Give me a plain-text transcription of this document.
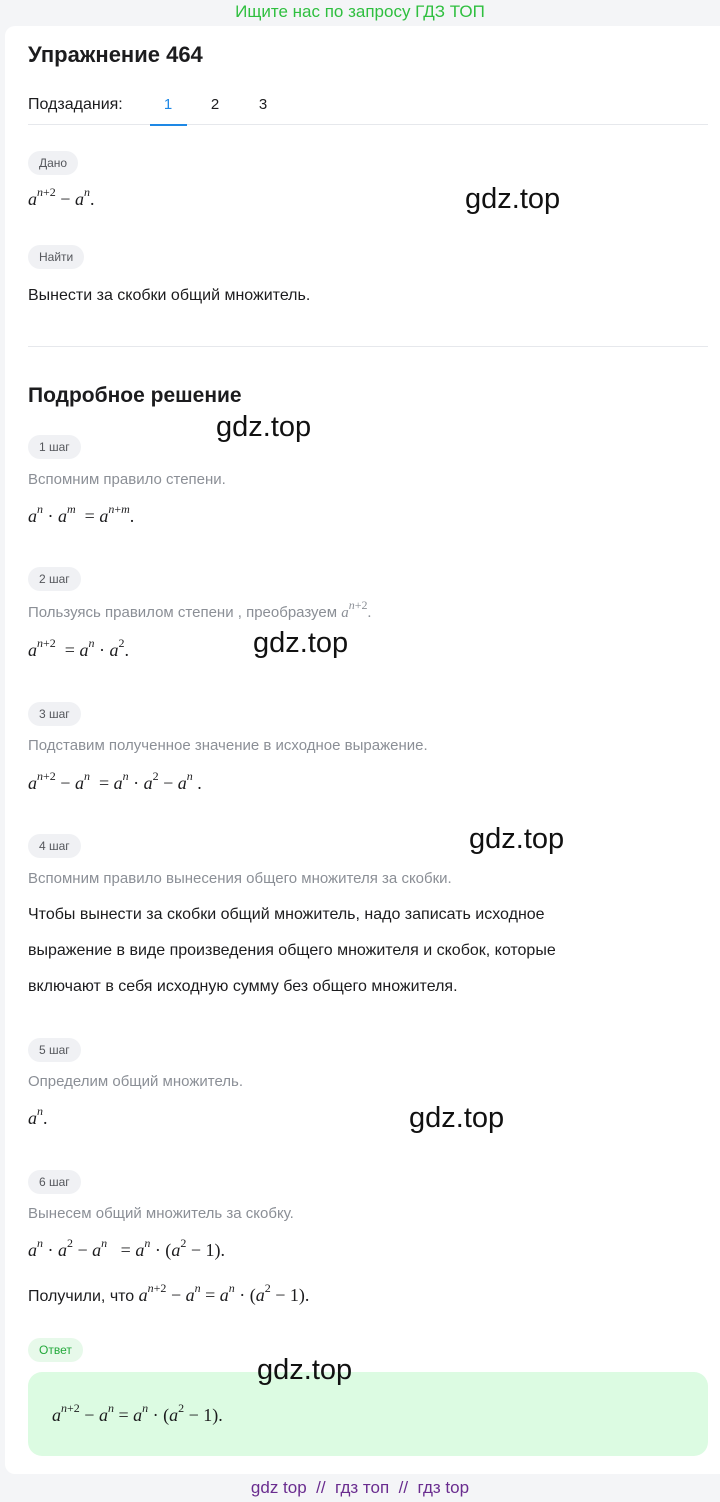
Ищите нас по запросу ГДЗ ТОП
Упражнение 464
Подзадания:	1	2	3
Дано
$a^{n+2} - a^n$.
Найти
Вынести за скобки общий множитель.
Подробное решение
1 шаг
Вспомним правило степени.
$a^n \cdot a^m = a^{n+m}$.
2 шаг
Пользуясь правилом степени , преобразуем $a^{n+2}$.
$a^{n+2} = a^n \cdot a^2$.
3 шаг
Подставим полученное значение в исходное выражение.
$a^{n+2} - a^n = a^n \cdot a^2 - a^n$ .
4 шаг
Вспомним правило вынесения общего множителя за скобки.
Чтобы вынести за скобки общий множитель, надо записать исходное
выражение в виде произведения общего множителя и скобок, которые
включают в себя исходную сумму без общего множителя.
5 шаг
Определим общий множитель.
$a^n$.
6 шаг
Вынесем общий множитель за скобку.
$a^n \cdot a^2 - a^n = a^n \cdot (a^2 - 1)$.
Получили, что $a^{n+2} - a^n = a^n \cdot (a^2 - 1)$.
Ответ
$a^{n+2} - a^n = a^n \cdot (a^2 - 1)$.
gdz.top
gdz.top
gdz.top
gdz.top
gdz.top
gdz.top
gdz top // гдз топ // гдз top
